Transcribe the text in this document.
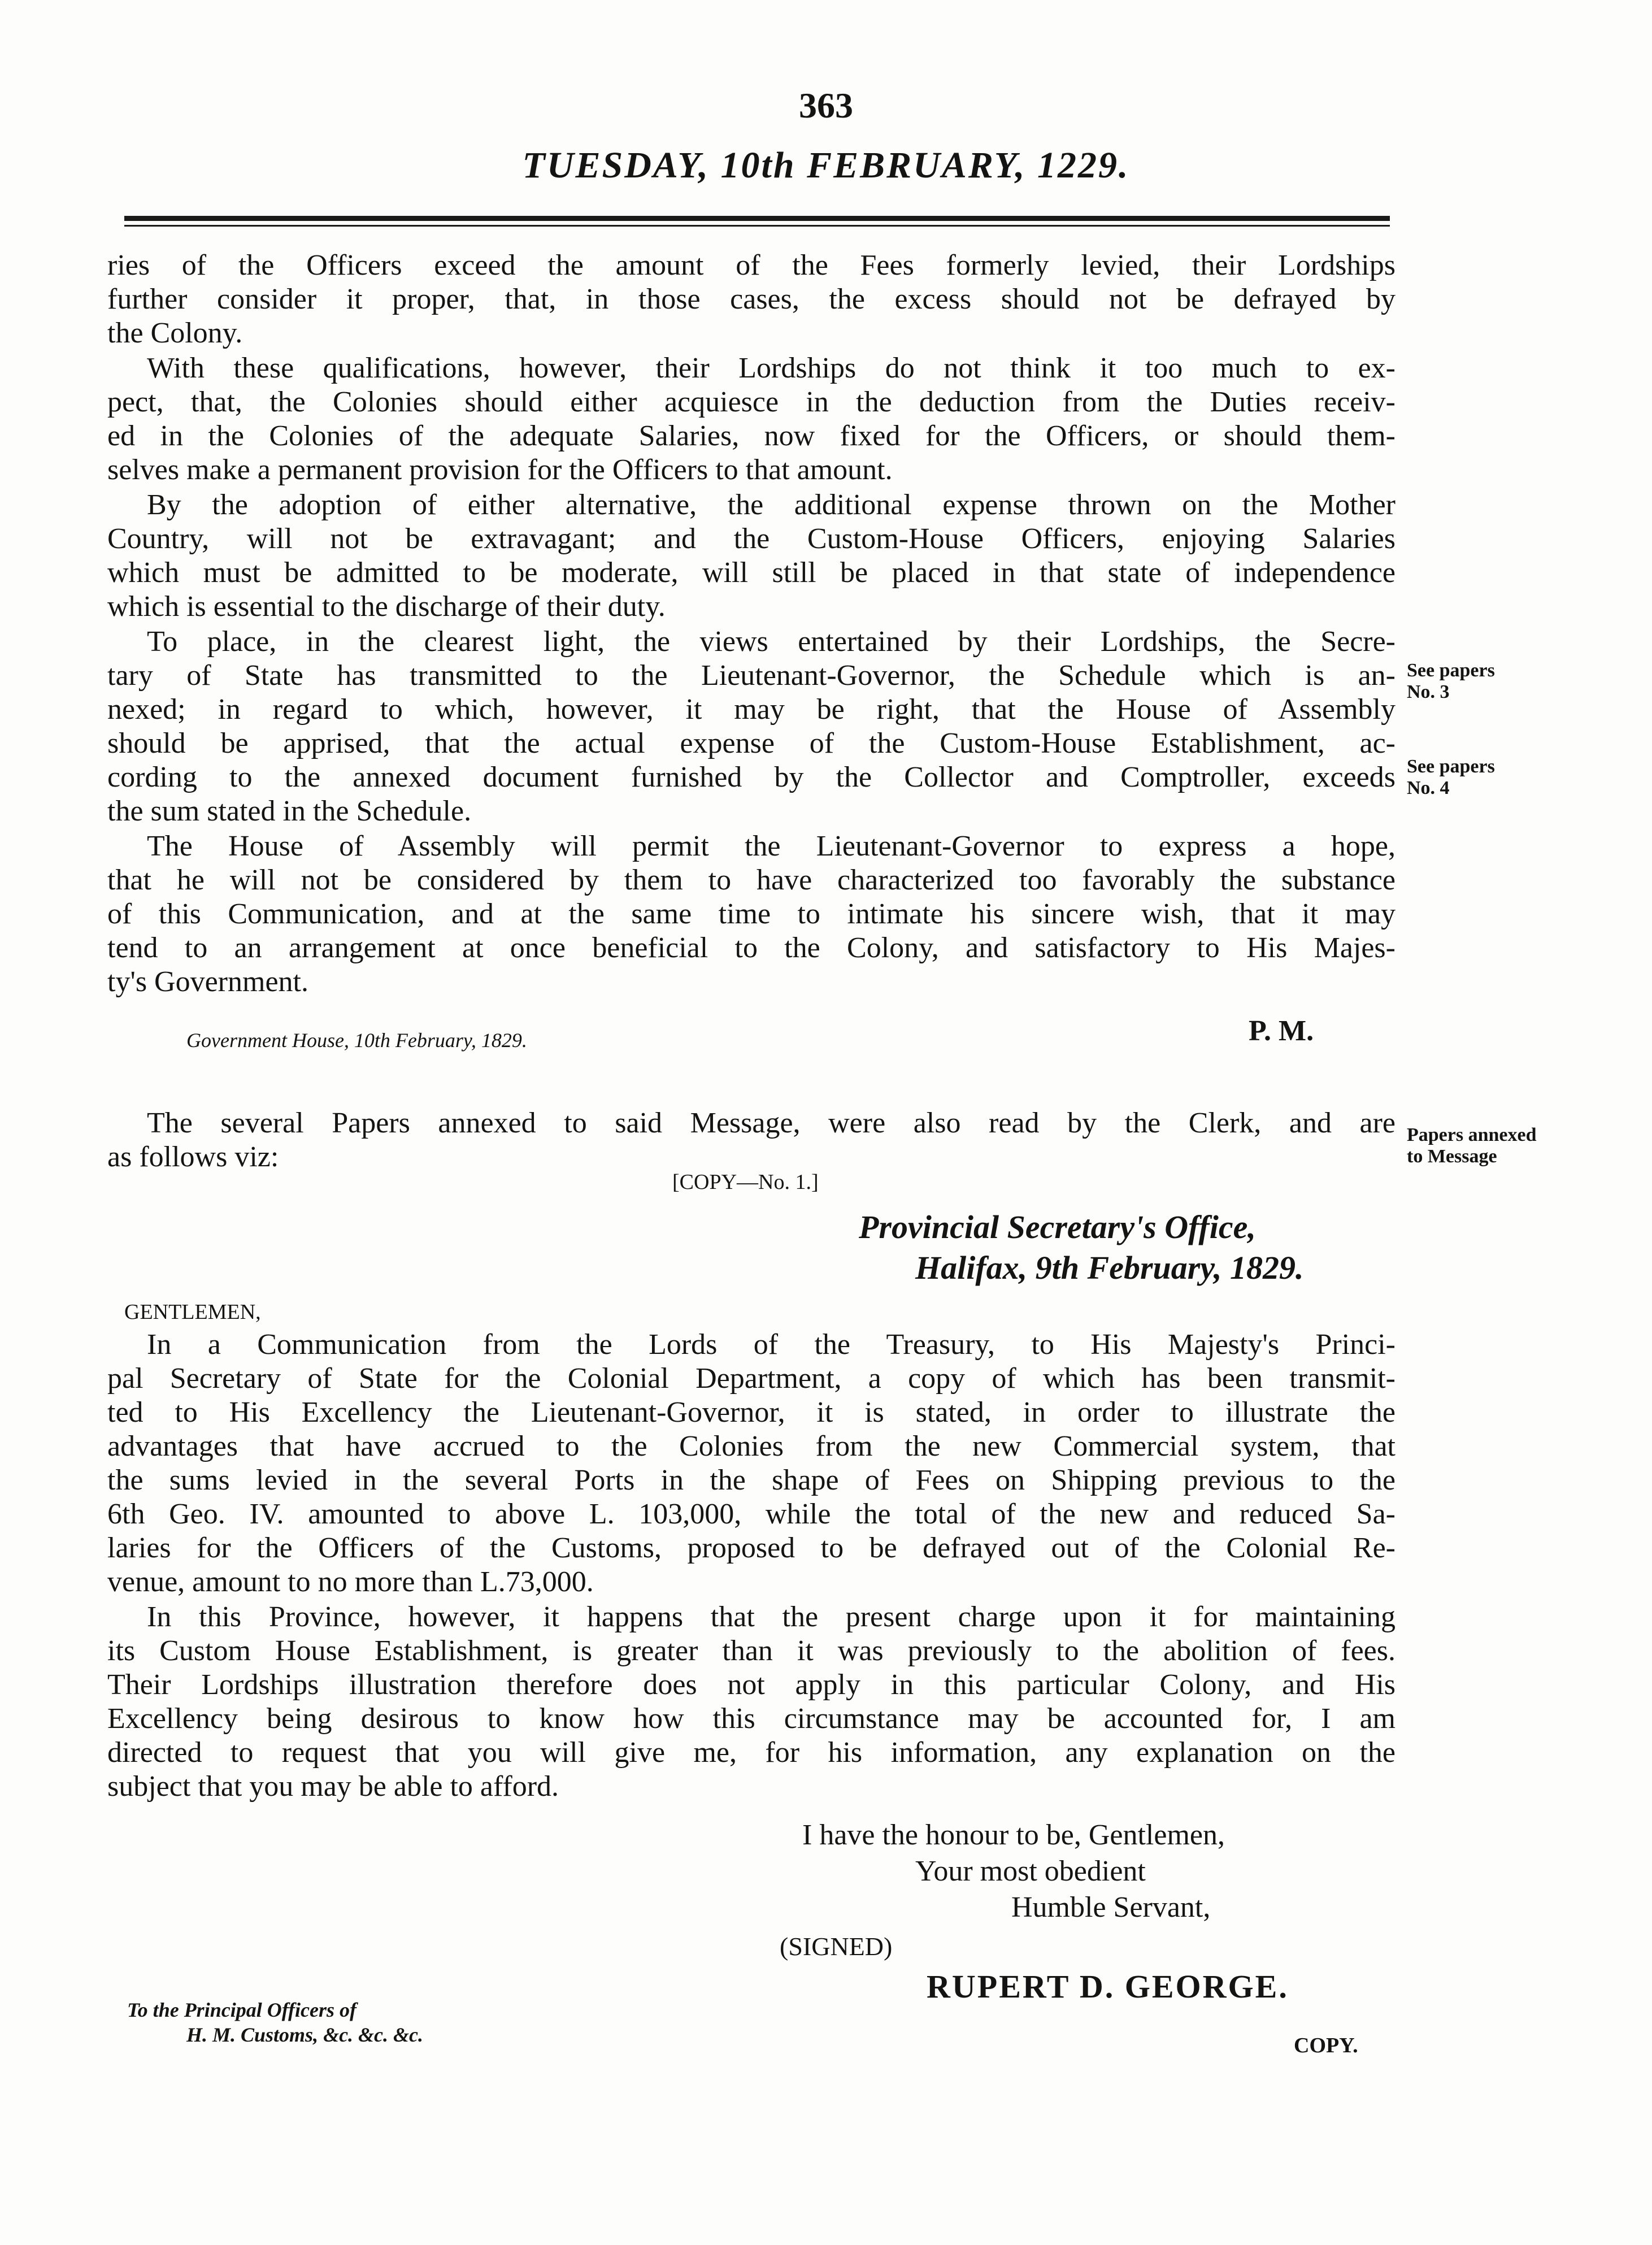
363
TUESDAY, 10th FEBRUARY, 1229.
ries of the Officers exceed the amount of the Fees formerly levied, their Lordships
further consider it proper, that, in those cases, the excess should not be defrayed by
the Colony.
With these qualifications, however, their Lordships do not think it too much to ex-
pect, that, the Colonies should either acquiesce in the deduction from the Duties receiv-
ed in the Colonies of the adequate Salaries, now fixed for the Officers, or should them-
selves make a permanent provision for the Officers to that amount.
By the adoption of either alternative, the additional expense thrown on the Mother
Country, will not be extravagant; and the Custom-House Officers, enjoying Salaries
which must be admitted to be moderate, will still be placed in that state of independence
which is essential to the discharge of their duty.
To place, in the clearest light, the views entertained by their Lordships, the Secre-
tary of State has transmitted to the Lieutenant-Governor, the Schedule which is an-
nexed; in regard to which, however, it may be right, that the House of Assembly
should be apprised, that the actual expense of the Custom-House Establishment, ac-
cording to the annexed document furnished by the Collector and Comptroller, exceeds
the sum stated in the Schedule.
The House of Assembly will permit the Lieutenant-Governor to express a hope,
that he will not be considered by them to have characterized too favorably the substance
of this Communication, and at the same time to intimate his sincere wish, that it may
tend to an arrangement at once beneficial to the Colony, and satisfactory to His Majes-
ty's Government.
Government House, 10th February, 1829.	P. M.
See papers
No. 3
See papers
No. 4
Papers annexed
to Message
The several Papers annexed to said Message, were also read by the Clerk, and are
as follows viz:
[COPY—No. 1.]
Provincial Secretary's Office,
Halifax, 9th February, 1829.
GENTLEMEN,
In a Communication from the Lords of the Treasury, to His Majesty's Princi-
pal Secretary of State for the Colonial Department, a copy of which has been transmit-
ted to His Excellency the Lieutenant-Governor, it is stated, in order to illustrate the
advantages that have accrued to the Colonies from the new Commercial system, that
the sums levied in the several Ports in the shape of Fees on Shipping previous to the
6th Geo. IV. amounted to above L. 103,000, while the total of the new and reduced Sa-
laries for the Officers of the Customs, proposed to be defrayed out of the Colonial Re-
venue, amount to no more than L.73,000.
In this Province, however, it happens that the present charge upon it for maintaining
its Custom House Establishment, is greater than it was previously to the abolition of fees.
Their Lordships illustration therefore does not apply in this particular Colony, and His
Excellency being desirous to know how this circumstance may be accounted for, I am
directed to request that you will give me, for his information, any explanation on the
subject that you may be able to afford.
I have the honour to be, Gentlemen,
Your most obedient
Humble Servant,
(SIGNED)
RUPERT D. GEORGE.
To the Principal Officers of
H. M. Customs, &c. &c. &c.	COPY.
